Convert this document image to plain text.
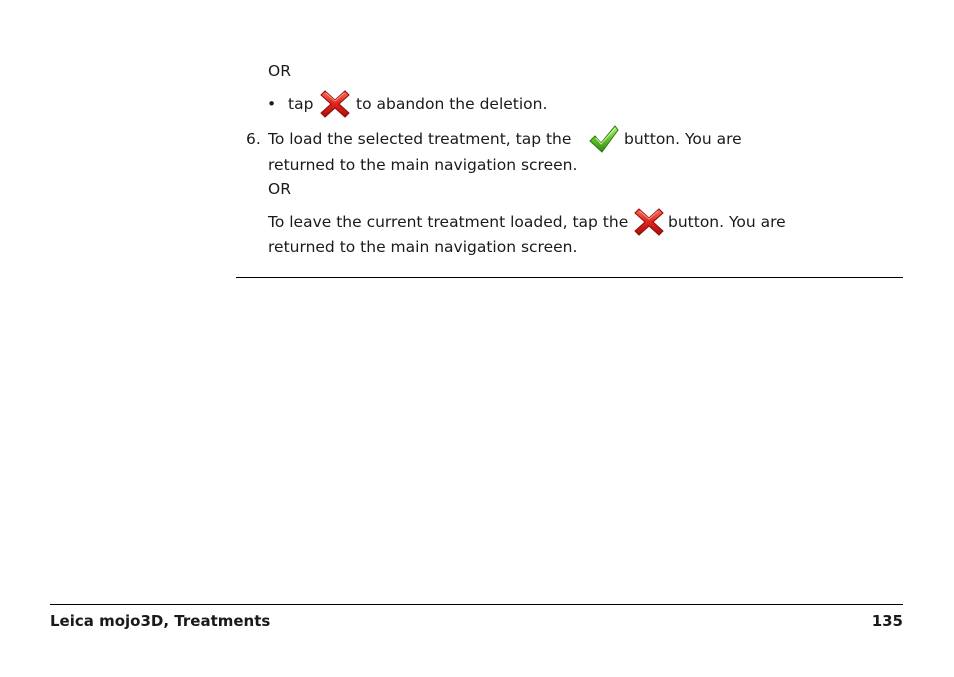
OR
• tap	to abandon the deletion.
6. To load the selected treatment, tap the	button. You are
returned to the main navigation screen.
OR
To leave the current treatment loaded, tap the	button. You are
returned to the main navigation screen.
Leica mojo3D, Treatments	135
